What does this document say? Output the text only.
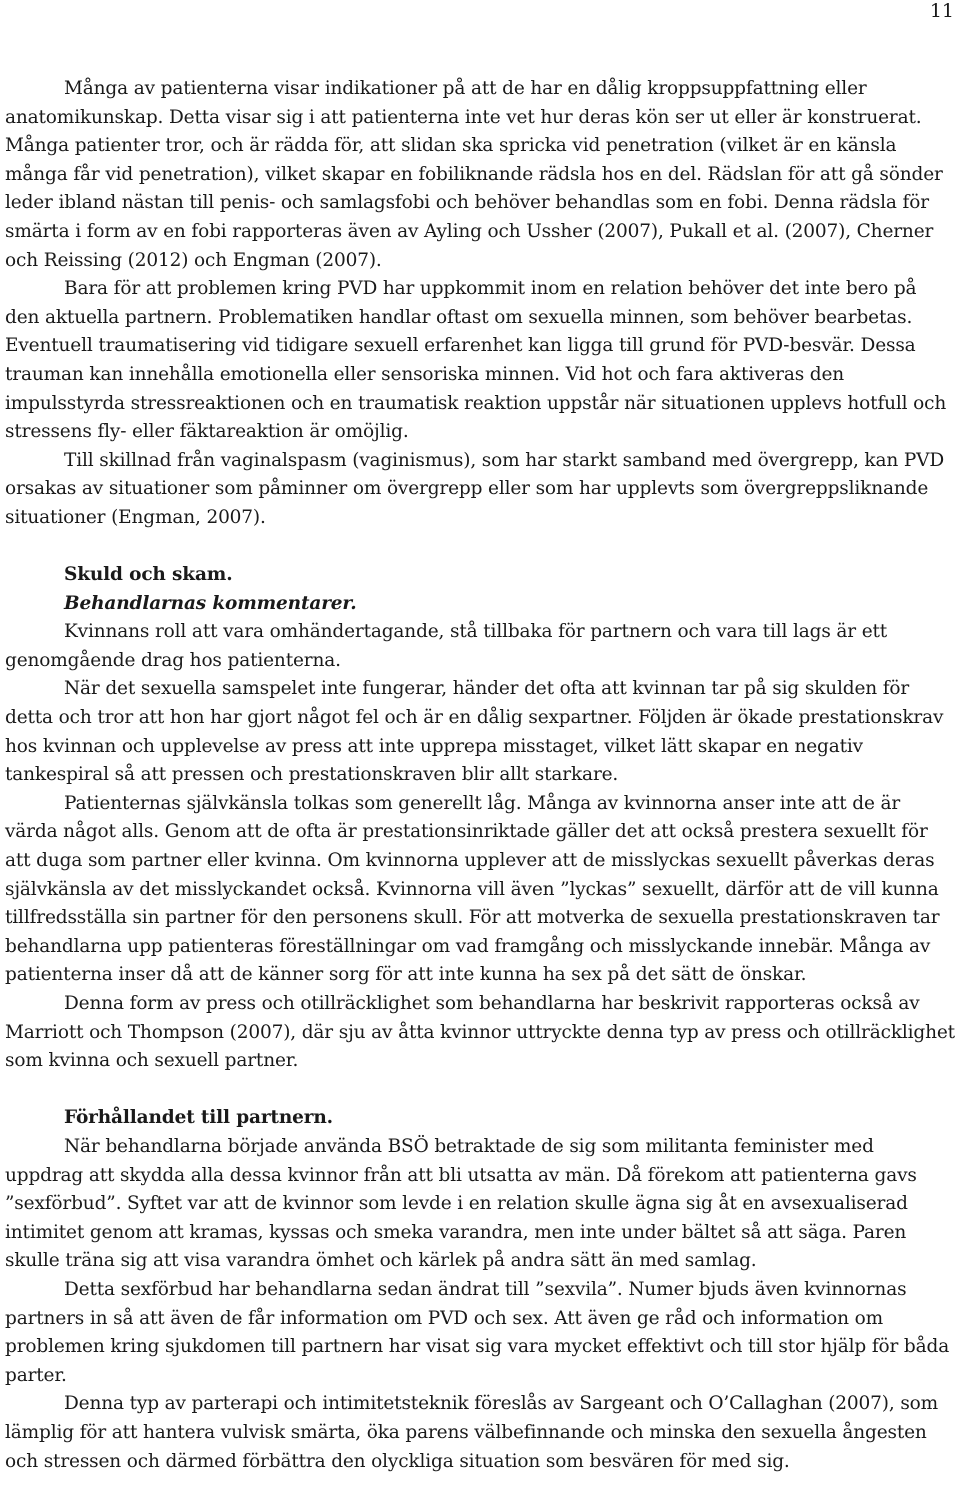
11

Många av patienterna visar indikationer på att de har en dålig kroppsuppfattning eller anatomikunskap. Detta visar sig i att patienterna inte vet hur deras kön ser ut eller är konstruerat. Många patienter tror, och är rädda för, att slidan ska spricka vid penetration (vilket är en känsla många får vid penetration), vilket skapar en fobiliknande rädsla hos en del. Rädslan för att gå sönder leder ibland nästan till penis- och samlagsfobi och behöver behandlas som en fobi. Denna rädsla för smärta i form av en fobi rapporteras även av Ayling och Ussher (2007), Pukall et al. (2007), Cherner och Reissing (2012) och Engman (2007).

Bara för att problemen kring PVD har uppkommit inom en relation behöver det inte bero på den aktuella partnern. Problematiken handlar oftast om sexuella minnen, som behöver bearbetas. Eventuell traumatisering vid tidigare sexuell erfarenhet kan ligga till grund för PVD-besvär. Dessa trauman kan innehålla emotionella eller sensoriska minnen. Vid hot och fara aktiveras den impulsstyrda stressreaktionen och en traumatisk reaktion uppstår när situationen upplevs hotfull och stressens fly- eller fäktareaktion är omöjlig.

Till skillnad från vaginalspasm (vaginismus), som har starkt samband med övergrepp, kan PVD orsakas av situationer som påminner om övergrepp eller som har upplevts som övergreppsliknande situationer (Engman, 2007).

Skuld och skam.
Behandlarnas kommentarer.

Kvinnans roll att vara omhändertagande, stå tillbaka för partnern och vara till lags är ett genomgående drag hos patienterna.

När det sexuella samspelet inte fungerar, händer det ofta att kvinnan tar på sig skulden för detta och tror att hon har gjort något fel och är en dålig sexpartner. Följden är ökade prestationskrav hos kvinnan och upplevelse av press att inte upprepa misstaget, vilket lätt skapar en negativ tankespiral så att pressen och prestationskraven blir allt starkare.

Patienternas självkänsla tolkas som generellt låg. Många av kvinnorna anser inte att de är värda något alls. Genom att de ofta är prestationsinriktade gäller det att också prestera sexuellt för att duga som partner eller kvinna. Om kvinnorna upplever att de misslyckas sexuellt påverkas deras självkänsla av det misslyckandet också. Kvinnorna vill även ”lyckas” sexuellt, därför att de vill kunna tillfredsställa sin partner för den personens skull. För att motverka de sexuella prestationskraven tar behandlarna upp patienteras föreställningar om vad framgång och misslyckande innebär. Många av patienterna inser då att de känner sorg för att inte kunna ha sex på det sätt de önskar.

Denna form av press och otillräcklighet som behandlarna har beskrivit rapporteras också av Marriott och Thompson (2007), där sju av åtta kvinnor uttryckte denna typ av press och otillräcklighet som kvinna och sexuell partner.

Förhållandet till partnern.

När behandlarna började använda BSÖ betraktade de sig som militanta feminister med uppdrag att skydda alla dessa kvinnor från att bli utsatta av män. Då förekom att patienterna gavs ”sexförbud”. Syftet var att de kvinnor som levde i en relation skulle ägna sig åt en avsexualiserad intimitet genom att kramas, kyssas och smeka varandra, men inte under bältet så att säga. Paren skulle träna sig att visa varandra ömhet och kärlek på andra sätt än med samlag.

Detta sexförbud har behandlarna sedan ändrat till ”sexvila”. Numer bjuds även kvinnornas partners in så att även de får information om PVD och sex. Att även ge råd och information om problemen kring sjukdomen till partnern har visat sig vara mycket effektivt och till stor hjälp för båda parter.

Denna typ av parterapi och intimitetsteknik föreslås av Sargeant och O’Callaghan (2007), som lämplig för att hantera vulvisk smärta, öka parens välbefinnande och minska den sexuella ångesten och stressen och därmed förbättra den olyckliga situation som besvären för med sig.
